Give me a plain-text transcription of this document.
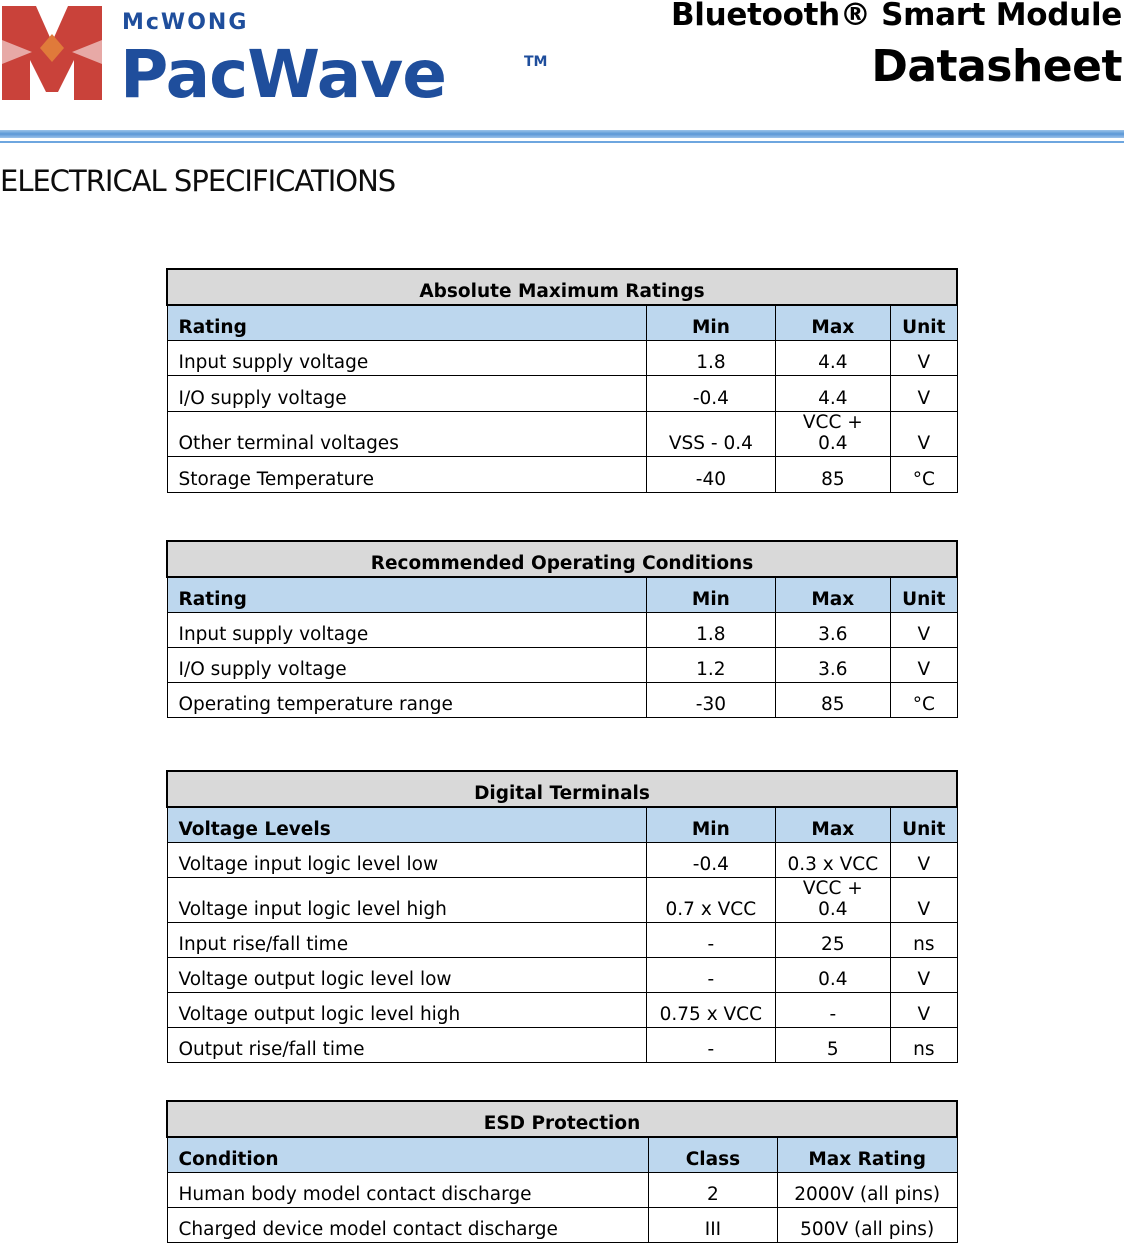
McWONG
PacWave	TM
Bluetooth® Smart Module
Datasheet
ELECTRICAL SPECIFICATIONS
Absolute Maximum Ratings			
Rating	Min	Max	Unit
Input supply voltage	1.8	4.4	V
I/O supply voltage	-0.4	4.4	V
Other terminal voltages	VSS - 0.4	VCC + 0.4	V
Storage Temperature	-40	85	°C
Recommended Operating Conditions			
Rating	Min	Max	Unit
Input supply voltage	1.8	3.6	V
I/O supply voltage	1.2	3.6	V
Operating temperature range	-30	85	°C
Digital Terminals			
Voltage Levels	Min	Max	Unit
Voltage input logic level low	-0.4	0.3 x VCC	V
Voltage input logic level high	0.7 x VCC	VCC + 0.4	V
Input rise/fall time	-	25	ns
Voltage output logic level low	-	0.4	V
Voltage output logic level high	0.75 x VCC	-	V
Output rise/fall time	-	5	ns
ESD Protection		
Condition	Class	Max Rating
Human body model contact discharge	2	2000V (all pins)
Charged device model contact discharge	III	500V (all pins)
